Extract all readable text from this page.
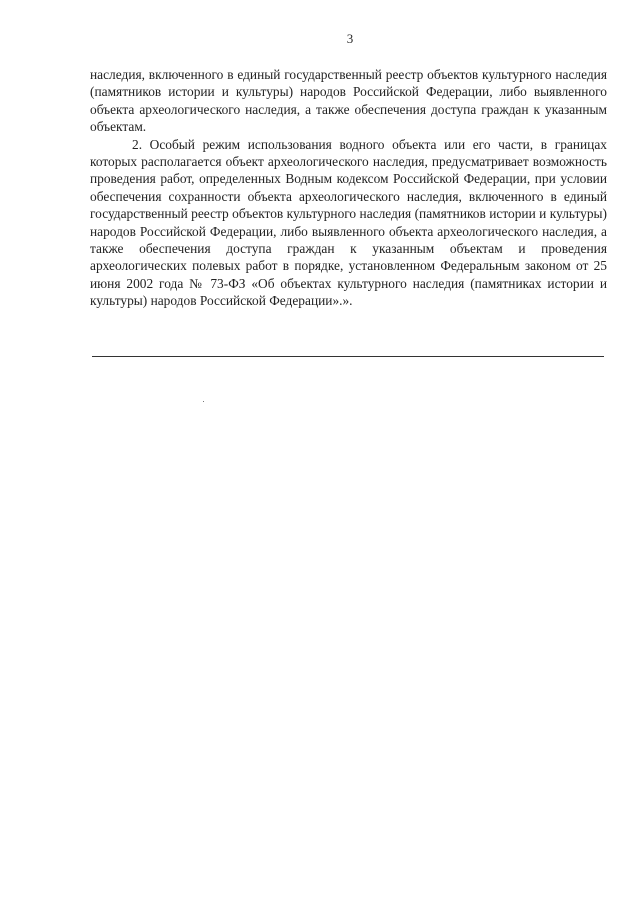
3

наследия, включенного в единый государственный реестр объектов культурного наследия (памятников истории и культуры) народов Российской Федерации, либо выявленного объекта археологического наследия, а также обеспечения доступа граждан к указанным объектам.

2. Особый режим использования водного объекта или его части, в границах которых располагается объект археологического наследия, предусматривает возможность проведения работ, определенных Водным кодексом Российской Федерации, при условии обеспечения сохранности объекта археологического наследия, включенного в единый государственный реестр объектов культурного наследия (памятников истории и культуры) народов Российской Федерации, либо выявленного объекта археологического наследия, а также обеспечения доступа граждан к указанным объектам и проведения археологических полевых работ в порядке, установленном Федеральным законом от 25 июня 2002 года № 73-ФЗ «Об объектах культурного наследия (памятниках истории и культуры) народов Российской Федерации».».
